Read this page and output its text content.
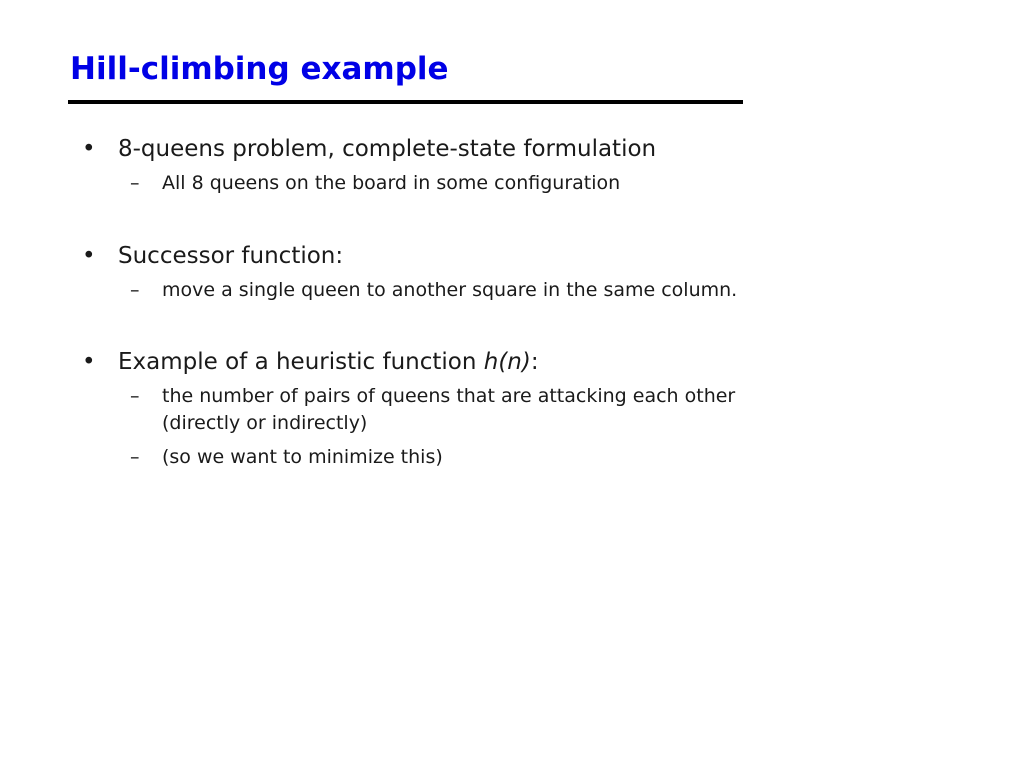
Hill-climbing example
• 8-queens problem, complete-state formulation
– All 8 queens on the board in some configuration
• Successor function:
– move a single queen to another square in the same column.
• Example of a heuristic function h(n):
– the number of pairs of queens that are attacking each other
(directly or indirectly)
– (so we want to minimize this)
